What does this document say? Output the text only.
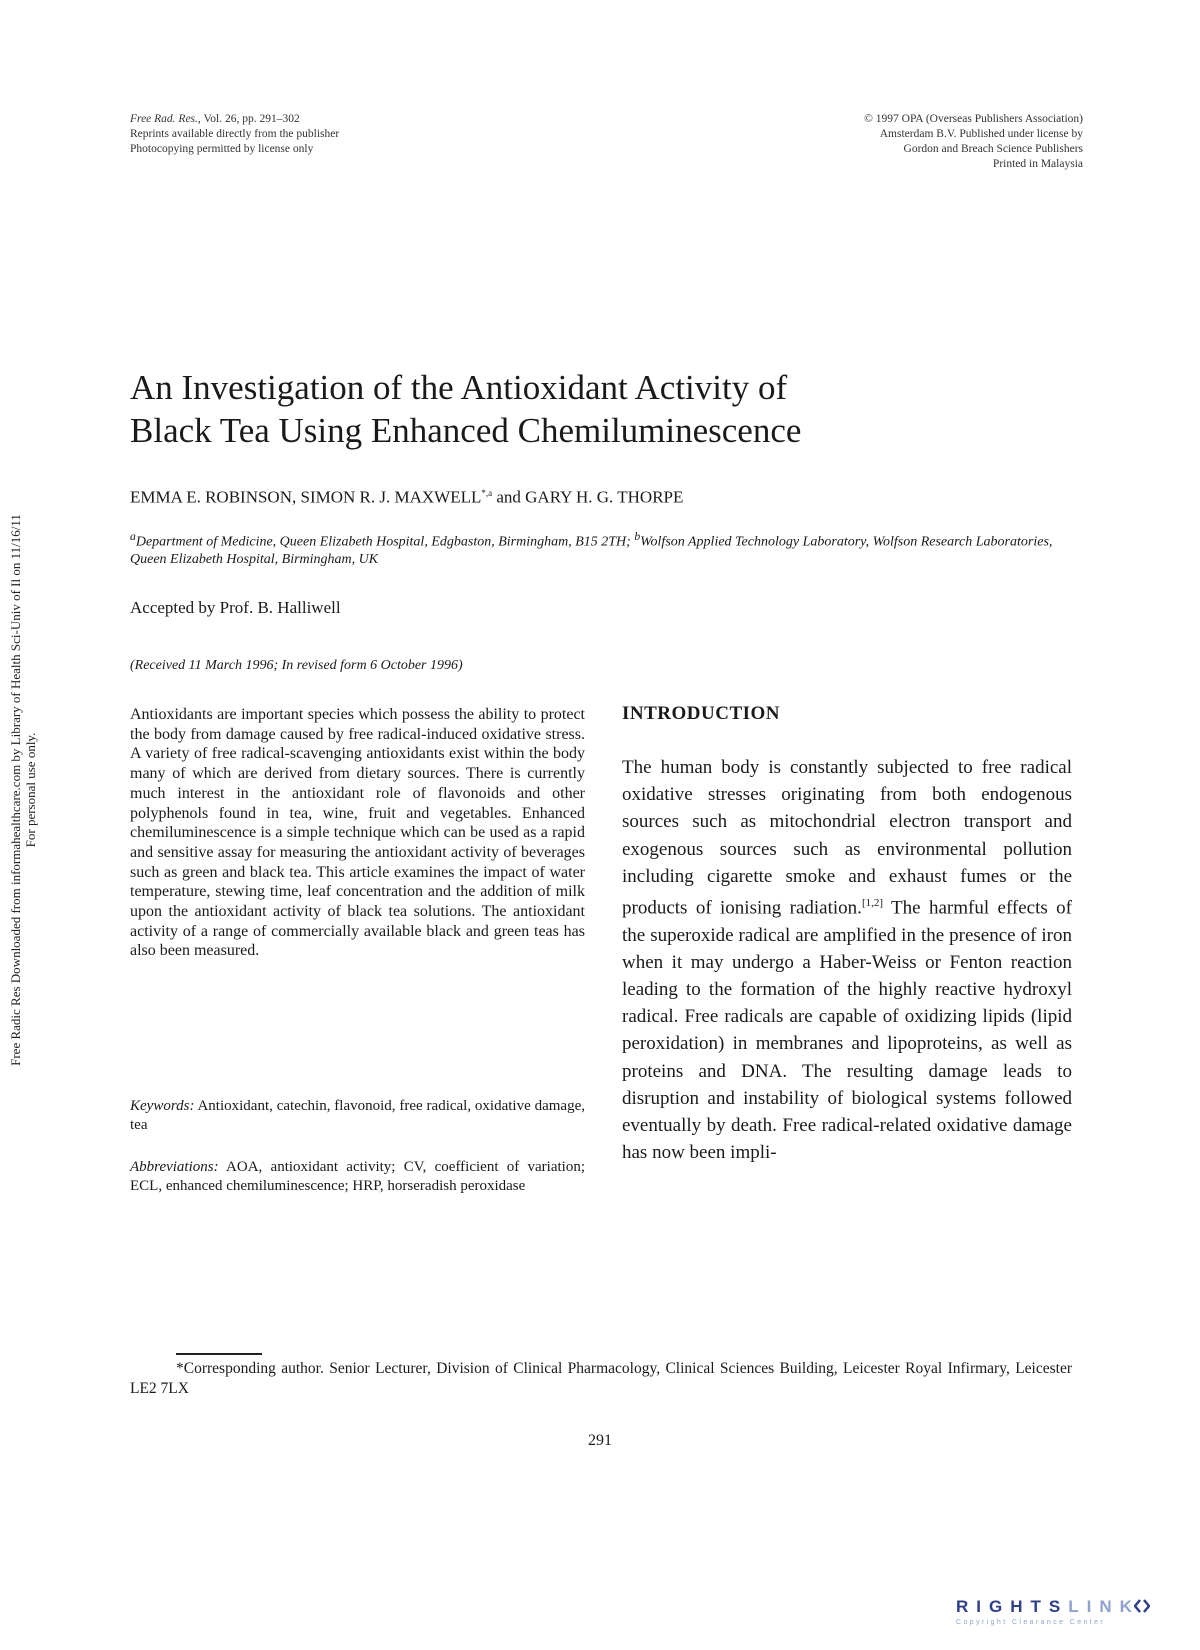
Free Rad. Res., Vol. 26, pp. 291–302
Reprints available directly from the publisher
Photocopying permitted by license only
© 1997 OPA (Overseas Publishers Association)
Amsterdam B.V. Published under license by
Gordon and Breach Science Publishers
Printed in Malaysia
Free Radic Res Downloaded from informahealthcare.com by Library of Health Sci-Univ of Il on 11/16/11 For personal use only.
An Investigation of the Antioxidant Activity of
Black Tea Using Enhanced Chemiluminescence
EMMA E. ROBINSON, SIMON R. J. $MAXWELL^{*,a}$ and GARY H. G. THORPE
$^a$Department of Medicine, Queen Elizabeth Hospital, Edgbaston, Birmingham, B15 2TH; $^b$Wolfson Applied Technology Laboratory, Wolfson Research Laboratories, Queen Elizabeth Hospital, Birmingham, UK
Accepted by Prof. B. Halliwell
(Received 11 March 1996; In revised form 6 October 1996)
Antioxidants are important species which possess the ability to protect the body from damage caused by free radical-induced oxidative stress. A variety of free radical-scavenging antioxidants exist within the body many of which are derived from dietary sources. There is currently much interest in the antioxidant role of flavonoids and other polyphenols found in tea, wine, fruit and vegetables. Enhanced chemiluminescence is a simple technique which can be used as a rapid and sensitive assay for measuring the antioxidant activity of beverages such as green and black tea. This article examines the impact of water temperature, stewing time, leaf concentration and the addition of milk upon the antioxidant activity of black tea solutions. The antioxidant activity of a range of commercially available black and green teas has also been measured.
Keywords: Antioxidant, catechin, flavonoid, free radical, oxidative damage, tea
Abbreviations: AOA, antioxidant activity; CV, coefficient of variation; ECL, enhanced chemiluminescence; HRP, horseradish peroxidase
INTRODUCTION
The human body is constantly subjected to free radical oxidative stresses originating from both endogenous sources such as mitochondrial electron transport and exogenous sources such as environmental pollution including cigarette smoke and exhaust fumes or the products of ionising radiation.[1,2] The harmful effects of the superoxide radical are amplified in the presence of iron when it may undergo a Haber-Weiss or Fenton reaction leading to the formation of the highly reactive hydroxyl radical. Free radicals are capable of oxidizing lipids (lipid peroxidation) in membranes and lipoproteins, as well as proteins and DNA. The resulting damage leads to disruption and instability of biological systems followed eventually by death. Free radical-related oxidative damage has now been impli-
*Corresponding author. Senior Lecturer, Division of Clinical Pharmacology, Clinical Sciences Building, Leicester Royal Infirmary, Leicester LE2 7LX
291
RIGHTSLINK
Copyright Clearance Center
